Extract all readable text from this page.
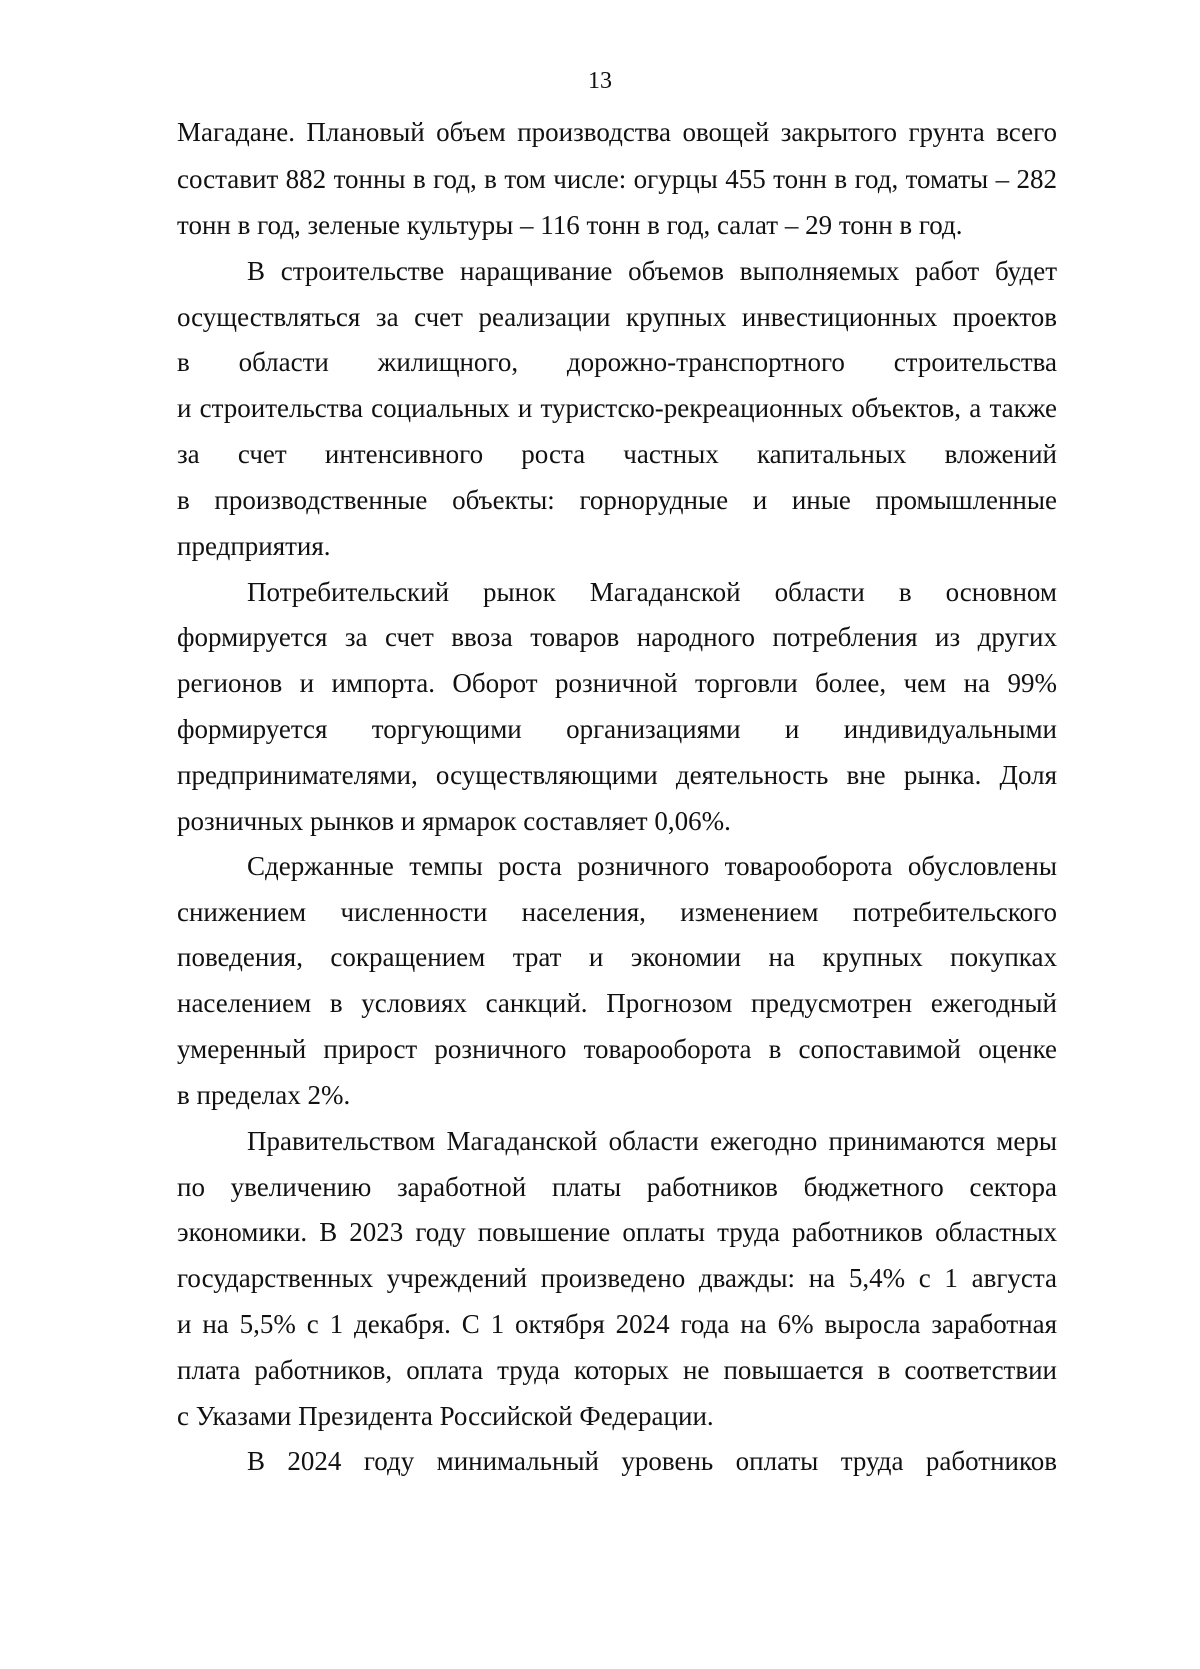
13
Магадане. Плановый объем производства овощей закрытого грунта всего
составит 882 тонны в год, в том числе: огурцы 455 тонн в год, томаты – 282
тонн в год, зеленые культуры – 116 тонн в год, салат – 29 тонн в год.
В строительстве наращивание объемов выполняемых работ будет
осуществляться за счет реализации крупных инвестиционных проектов
в области жилищного, дорожно-транспортного строительства
и строительства социальных и туристско-рекреационных объектов, а также
за счет интенсивного роста частных капитальных вложений
в производственные объекты: горнорудные и иные промышленные
предприятия.
Потребительский рынок Магаданской области в основном
формируется за счет ввоза товаров народного потребления из других
регионов и импорта. Оборот розничной торговли более, чем на 99%
формируется торгующими организациями и индивидуальными
предпринимателями, осуществляющими деятельность вне рынка. Доля
розничных рынков и ярмарок составляет 0,06%.
Сдержанные темпы роста розничного товарооборота обусловлены
снижением численности населения, изменением потребительского
поведения, сокращением трат и экономии на крупных покупках
населением в условиях санкций. Прогнозом предусмотрен ежегодный
умеренный прирост розничного товарооборота в сопоставимой оценке
в пределах 2%.
Правительством Магаданской области ежегодно принимаются меры
по увеличению заработной платы работников бюджетного сектора
экономики. В 2023 году повышение оплаты труда работников областных
государственных учреждений произведено дважды: на 5,4% с 1 августа
и на 5,5% с 1 декабря. С 1 октября 2024 года на 6% выросла заработная
плата работников, оплата труда которых не повышается в соответствии
с Указами Президента Российской Федерации.
В 2024 году минимальный уровень оплаты труда работников
